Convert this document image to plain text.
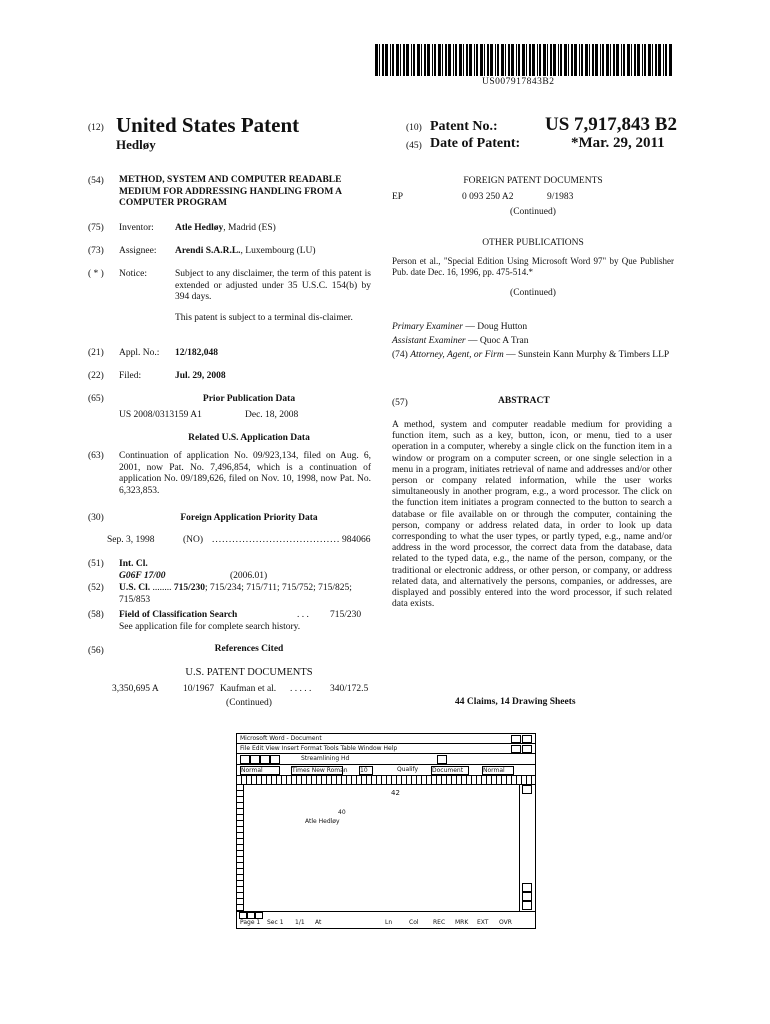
US007917843B2
(12) United States Patent
Hedløy
(10) Patent No.: US 7,917,843 B2
(45) Date of Patent:	*Mar. 29, 2011
(54) METHOD, SYSTEM AND COMPUTER READABLE MEDIUM FOR ADDRESSING HANDLING FROM A COMPUTER PROGRAM
(75) Inventor: Atle Hedløy, Madrid (ES)
(73) Assignee: Arendi S.A.R.L., Luxembourg (LU)
( * ) Notice:	Subject to any disclaimer, the term of this patent is extended or adjusted under 35 U.S.C. 154(b) by 394 days.
This patent is subject to a terminal dis-claimer.
(21) Appl. No.: 12/182,048
(22) Filed:	Jul. 29, 2008
(65)	Prior Publication Data
US 2008/0313159 A1	Dec. 18, 2008
Related U.S. Application Data
(63) Continuation of application No. 09/923,134, filed on Aug. 6, 2001, now Pat. No. 7,496,854, which is a continuation of application No. 09/189,626, filed on Nov. 10, 1998, now Pat. No. 6,323,853.
(30)	Foreign Application Priority Data
Sep. 3, 1998	(NO) ...................................... 984066
(51) Int. Cl.
G06F 17/00	(2006.01)
(52) U.S. Cl. ........ 715/230; 715/234; 715/711; 715/752; 715/825; 715/853
(58) Field of Classification Search	. . . 715/230
See application file for complete search history.
(56)	References Cited
U.S. PATENT DOCUMENTS
3,350,695 A	10/1967 Kaufman et al. . . . . . 340/172.5
(Continued)
FOREIGN PATENT DOCUMENTS
EP	0 093 250 A2	9/1983
(Continued)
OTHER PUBLICATIONS
Person et al., "Special Edition Using Microsoft Word 97" by Que Publisher Pub. date Dec. 16, 1996, pp. 475-514.*
(Continued)
Primary Examiner — Doug Hutton
Assistant Examiner — Quoc A Tran
(74) Attorney, Agent, or Firm — Sunstein Kann Murphy & Timbers LLP
(57)	ABSTRACT
A method, system and computer readable medium for providing a function item, such as a key, button, icon, or menu, tied to a user operation in a computer, whereby a single click on the function item in a window or program on a computer screen, or one single selection in a menu in a program, initiates retrieval of name and addresses and/or other person or company related information, while the user works simultaneously in another program, e.g., a word processor. The click on the function item initiates a program connected to the button to search a database or file available on or through the computer, containing the person, company or address related data, in order to look up data corresponding to what the user types, or partly typed, e.g., name and/or address in the word processor, the correct data from the database, data related to the typed data, e.g., the name of the person, company, or the traditional or electronic address, or other person, or company, or address related data, and alternatively the persons, companies, or addresses, are displayed and possibly entered into the word processor, if such related data exists.
44 Claims, 14 Drawing Sheets
Microsoft Word - Document
File Edit View Insert Format Tools Table Window Help
Streamlining Hd
Normal	Times New Roman 10	Qualify Document	Normal
42
40
Atle Hedløy
Page 1 Sec 1 1/1 At	Ln	Col REC MRK EXT OVR
